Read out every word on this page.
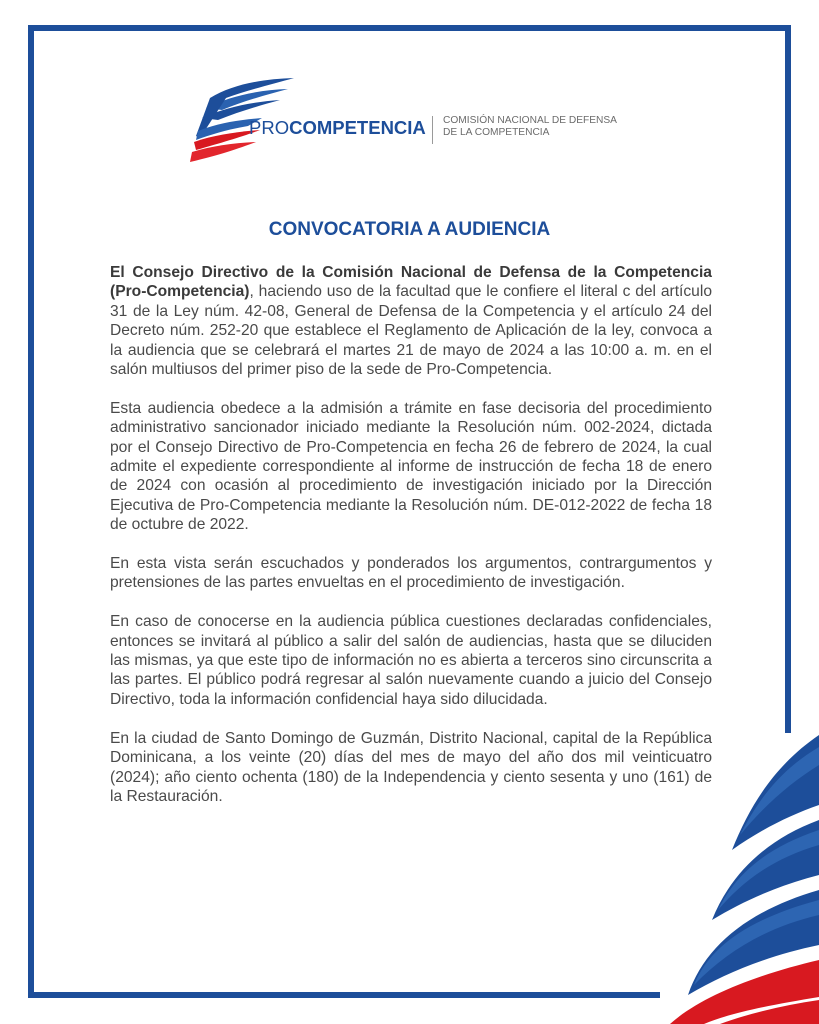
PROCOMPETENCIA COMISIÓN NACIONAL DE DEFENSA
DE LA COMPETENCIA
CONVOCATORIA A AUDIENCIA

El Consejo Directivo de la Comisión Nacional de Defensa de la Competencia (Pro-Competencia), haciendo uso de la facultad que le confiere el literal c del artículo 31 de la Ley núm. 42-08, General de Defensa de la Competencia y el artículo 24 del Decreto núm. 252-20 que establece el Reglamento de Aplicación de la ley, convoca a la audiencia que se celebrará el martes 21 de mayo de 2024 a las 10:00 a. m. en el salón multiusos del primer piso de la sede de Pro-Competencia.

Esta audiencia obedece a la admisión a trámite en fase decisoria del procedimiento administrativo sancionador iniciado mediante la Resolución núm. 002-2024, dictada por el Consejo Directivo de Pro-Competencia en fecha 26 de febrero de 2024, la cual admite el expediente correspondiente al informe de instrucción de fecha 18 de enero de 2024 con ocasión al procedimiento de investigación iniciado por la Dirección Ejecutiva de Pro-Competencia mediante la Resolución núm. DE-012-2022 de fecha 18 de octubre de 2022.

En esta vista serán escuchados y ponderados los argumentos, contrargumentos y pretensiones de las partes envueltas en el procedimiento de investigación.

En caso de conocerse en la audiencia pública cuestiones declaradas confidenciales, entonces se invitará al público a salir del salón de audiencias, hasta que se diluciden las mismas, ya que este tipo de información no es abierta a terceros sino circunscrita a las partes. El público podrá regresar al salón nuevamente cuando a juicio del Consejo Directivo, toda la información confidencial haya sido dilucidada.

En la ciudad de Santo Domingo de Guzmán, Distrito Nacional, capital de la República Dominicana, a los veinte (20) días del mes de mayo del año dos mil veinticuatro (2024); año ciento ochenta (180) de la Independencia y ciento sesenta y uno (161) de la Restauración.
